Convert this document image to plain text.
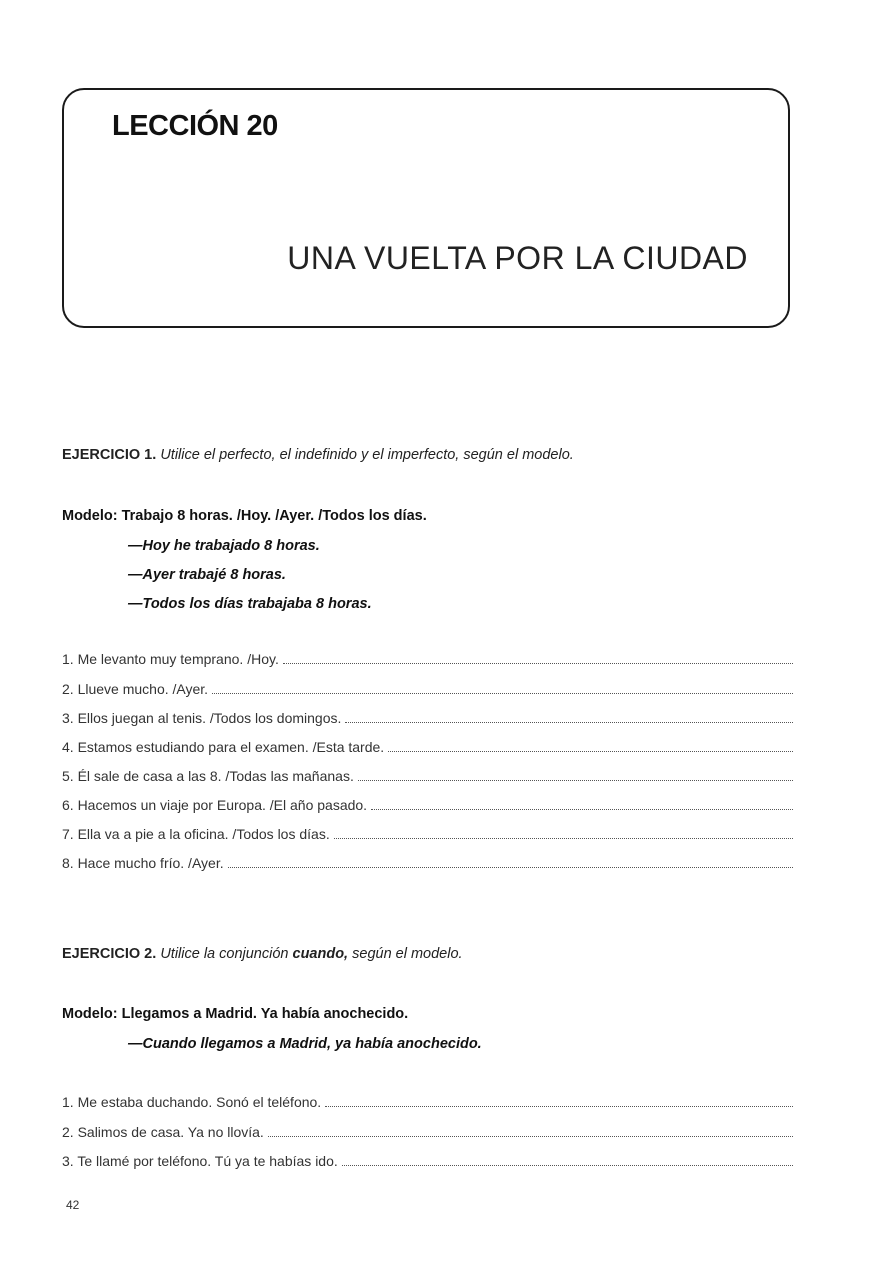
LECCIÓN 20
UNA VUELTA POR LA CIUDAD
EJERCICIO 1. Utilice el perfecto, el indefinido y el imperfecto, según el modelo.
Modelo: Trabajo 8 horas. /Hoy. /Ayer. /Todos los días.
—Hoy he trabajado 8 horas.
—Ayer trabajé 8 horas.
—Todos los días trabajaba 8 horas.
1. Me levanto muy temprano. /Hoy.
2. Llueve mucho. /Ayer.
3. Ellos juegan al tenis. /Todos los domingos.
4. Estamos estudiando para el examen. /Esta tarde.
5. Él sale de casa a las 8. /Todas las mañanas.
6. Hacemos un viaje por Europa. /El año pasado.
7. Ella va a pie a la oficina. /Todos los días.
8. Hace mucho frío. /Ayer.
EJERCICIO 2. Utilice la conjunción cuando, según el modelo.
Modelo: Llegamos a Madrid. Ya había anochecido.
—Cuando llegamos a Madrid, ya había anochecido.
1. Me estaba duchando. Sonó el teléfono.
2. Salimos de casa. Ya no llovía.
3. Te llamé por teléfono. Tú ya te habías ido.
42
